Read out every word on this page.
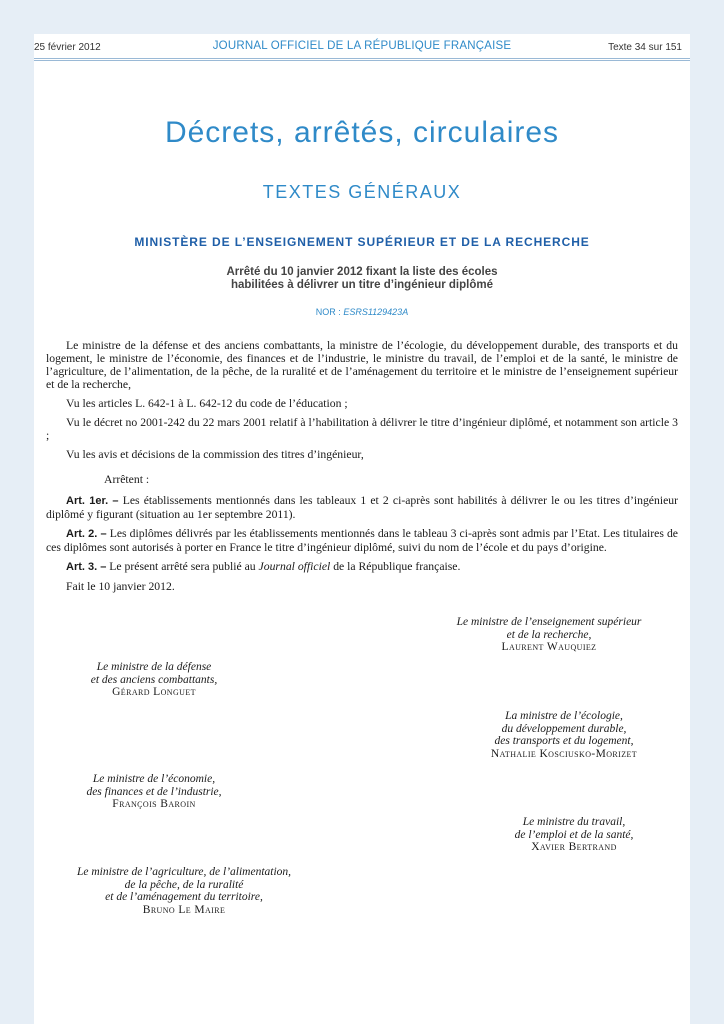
25 février 2012	JOURNAL OFFICIEL DE LA RÉPUBLIQUE FRANÇAISE	Texte 34 sur 151
Décrets, arrêtés, circulaires
TEXTES GÉNÉRAUX
MINISTÈRE DE L’ENSEIGNEMENT SUPÉRIEUR ET DE LA RECHERCHE
Arrêté du 10 janvier 2012 fixant la liste des écoles
habilitées à délivrer un titre d’ingénieur diplômé
NOR : ESRS1129423A

Le ministre de la défense et des anciens combattants, la ministre de l’écologie, du développement durable, des transports et du logement, le ministre de l’économie, des finances et de l’industrie, le ministre du travail, de l’emploi et de la santé, le ministre de l’agriculture, de l’alimentation, de la pêche, de la ruralité et de l’aménagement du territoire et le ministre de l’enseignement supérieur et de la recherche,

Vu les articles L. 642-1 à L. 642-12 du code de l’éducation ;

Vu le décret no 2001-242 du 22 mars 2001 relatif à l’habilitation à délivrer le titre d’ingénieur diplômé, et notamment son article 3 ;

Vu les avis et décisions de la commission des titres d’ingénieur,

Arrêtent :

Art. 1er. – Les établissements mentionnés dans les tableaux 1 et 2 ci-après sont habilités à délivrer le ou les titres d’ingénieur diplômé y figurant (situation au 1er septembre 2011).

Art. 2. – Les diplômes délivrés par les établissements mentionnés dans le tableau 3 ci-après sont admis par l’Etat. Les titulaires de ces diplômes sont autorisés à porter en France le titre d’ingénieur diplômé, suivi du nom de l’école et du pays d’origine.

Art. 3. – Le présent arrêté sera publié au Journal officiel de la République française.

Fait le 10 janvier 2012.

Le ministre de l’enseignement supérieur
et de la recherche,
Laurent Wauquiez
Le ministre de la défense
et des anciens combattants,
Gérard Longuet
La ministre de l’écologie,
du développement durable,
des transports et du logement,
Nathalie Kosciusko-Morizet
Le ministre de l’économie,
des finances et de l’industrie,
François Baroin
Le ministre du travail,
de l’emploi et de la santé,
Xavier Bertrand
Le ministre de l’agriculture, de l’alimentation,
de la pêche, de la ruralité
et de l’aménagement du territoire,
Bruno Le Maire
